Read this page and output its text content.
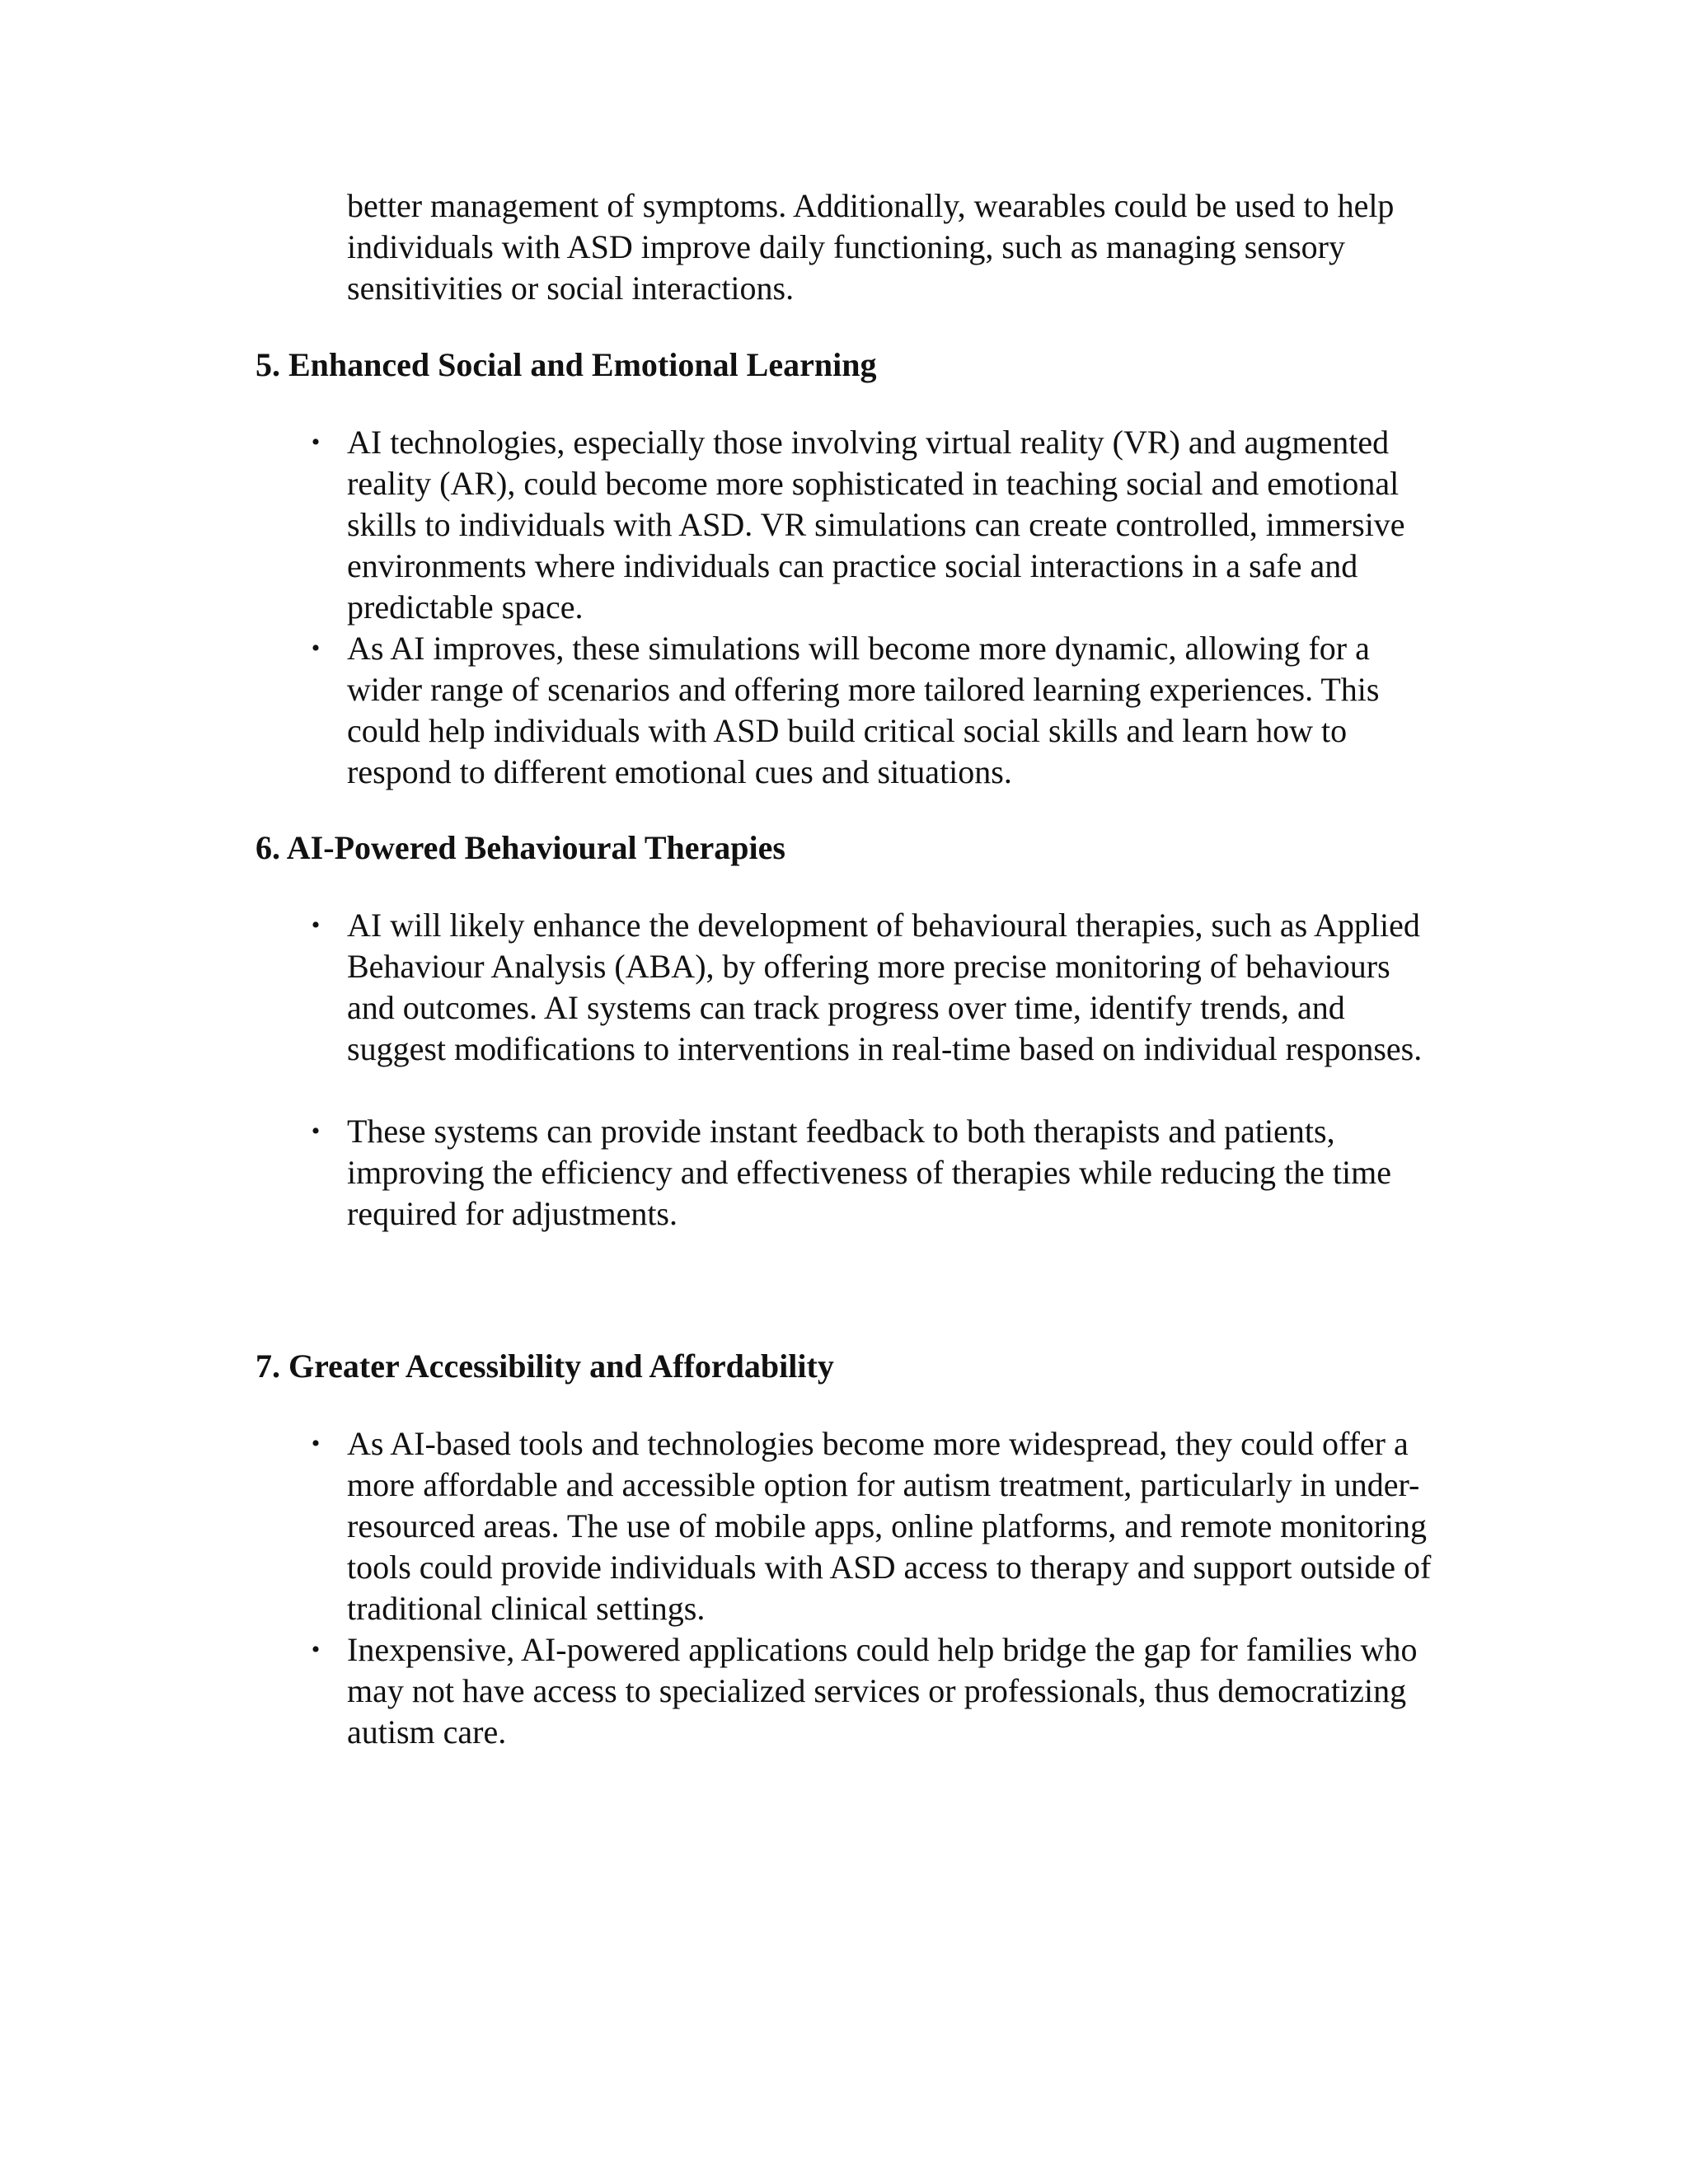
better management of symptoms. Additionally, wearables could be used to help individuals with ASD improve daily functioning, such as managing sensory sensitivities or social interactions.

5. Enhanced Social and Emotional Learning
• AI technologies, especially those involving virtual reality (VR) and augmented reality (AR), could become more sophisticated in teaching social and emotional skills to individuals with ASD. VR simulations can create controlled, immersive environments where individuals can practice social interactions in a safe and predictable space.
• As AI improves, these simulations will become more dynamic, allowing for a wider range of scenarios and offering more tailored learning experiences. This could help individuals with ASD build critical social skills and learn how to respond to different emotional cues and situations.
6. AI-Powered Behavioural Therapies
• AI will likely enhance the development of behavioural therapies, such as Applied Behaviour Analysis (ABA), by offering more precise monitoring of behaviours and outcomes. AI systems can track progress over time, identify trends, and suggest modifications to interventions in real-time based on individual responses.
• These systems can provide instant feedback to both therapists and patients, improving the efficiency and effectiveness of therapies while reducing the time required for adjustments.
7. Greater Accessibility and Affordability
• As AI-based tools and technologies become more widespread, they could offer a more affordable and accessible option for autism treatment, particularly in under-resourced areas. The use of mobile apps, online platforms, and remote monitoring tools could provide individuals with ASD access to therapy and support outside of traditional clinical settings.
• Inexpensive, AI-powered applications could help bridge the gap for families who may not have access to specialized services or professionals, thus democratizing autism care.
